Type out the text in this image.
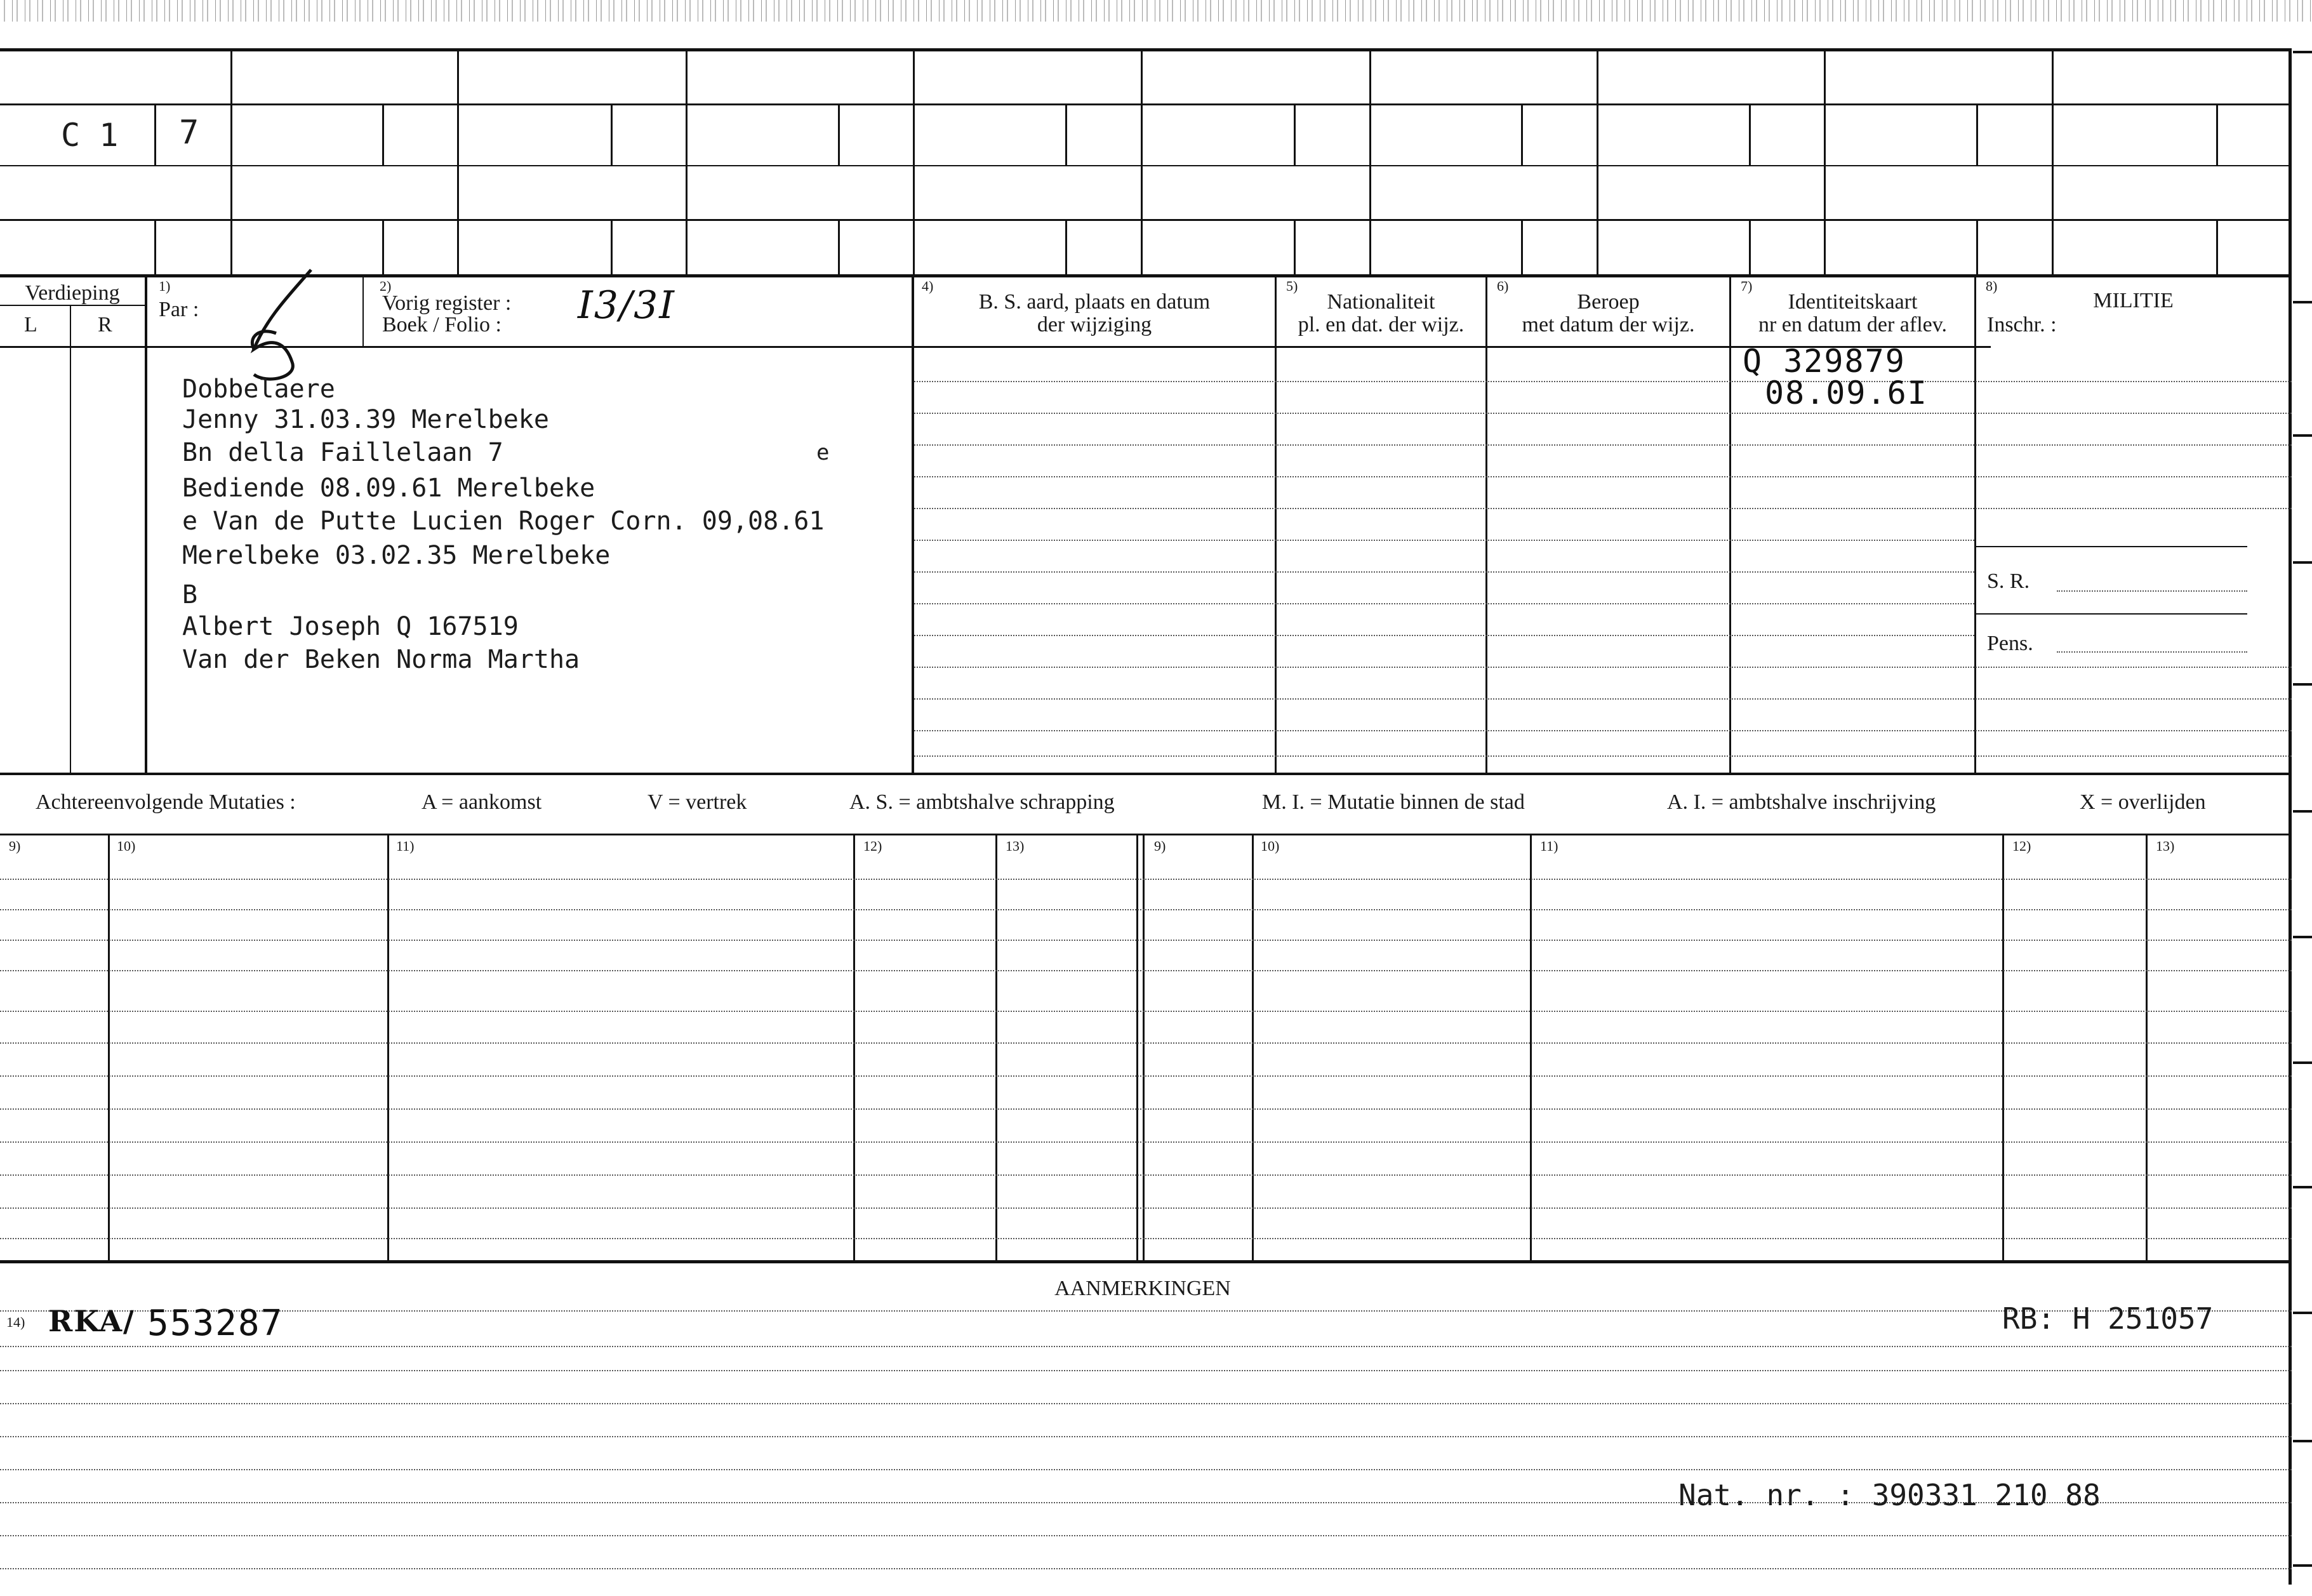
C 1 7
Verdieping
L	R
1)
Par :
2)
Vorig register :
Boek / Folio : I3/3I	4)
B. S. aard, plaats en datum
der wijziging
5)
Nationaliteit
pl. en dat. der wijz.
6)
Beroep
met datum der wijz.
7)
Identiteitskaart
nr en datum der aflev.
8)
MILITIE
Inschr. :
S. R.
Pens.
Dobbelaere
Jenny 31.03.39 Merelbeke
Bn della Faillelaan 7	e
Bediende 08.09.61 Merelbeke
e Van de Putte Lucien Roger Corn. 09,08.61
Merelbeke 03.02.35 Merelbeke
B
Albert Joseph Q 167519
Van der Beken Norma Martha
Q 329879
08.09.6I
Achtereenvolgende Mutaties :	A = aankomst	V = vertrek	A. S. = ambtshalve schrapping	M. I. = Mutatie binnen de stad	A. I. = ambtshalve inschrijving	X = overlijden
9)	10)	11)	12)	13)	9)	10)	11)	12)	13)
AANMERKINGEN
14) RKA/ 553287	RB: H 251057
Nat. nr. : 390331 210 88
